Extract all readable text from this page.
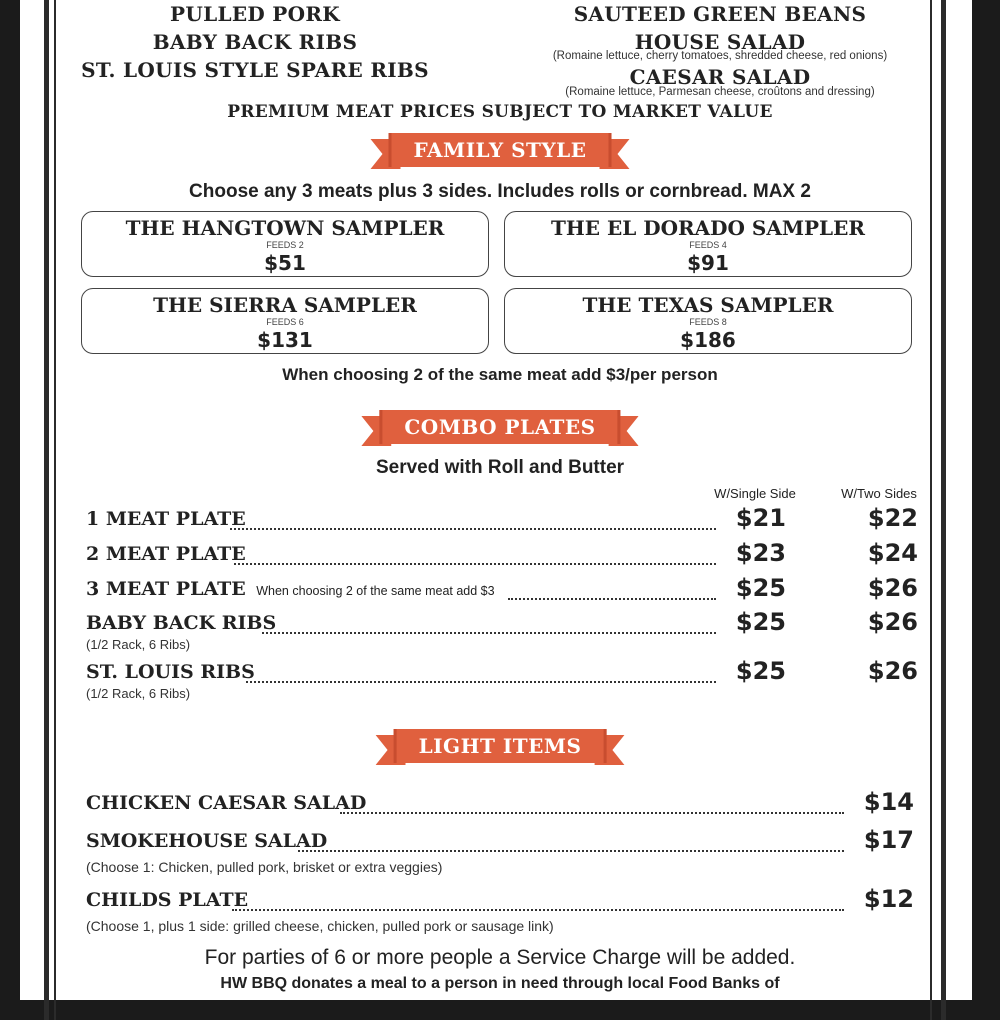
PULLED PORK
BABY BACK RIBS
ST. LOUIS STYLE SPARE RIBS
SAUTEED GREEN BEANS
HOUSE SALAD
(Romaine lettuce, cherry tomatoes, shredded cheese, red onions)
CAESAR SALAD
(Romaine lettuce, Parmesan cheese, croûtons and dressing)
PREMIUM MEAT PRICES SUBJECT TO MARKET VALUE
FAMILY STYLE
Choose any 3 meats plus 3 sides. Includes rolls or cornbread. MAX 2
THE HANGTOWN SAMPLER
FEEDS 2
$51
THE EL DORADO SAMPLER
FEEDS 4
$91
THE SIERRA SAMPLER
FEEDS 6
$131
THE TEXAS SAMPLER
FEEDS 8
$186
When choosing 2 of the same meat add $3/per person
COMBO PLATES
Served with Roll and Butter
W/Single Side	W/Two Sides
1 MEAT PLATE	$21	$22
2 MEAT PLATE	$23	$24
3 MEAT PLATE When choosing 2 of the same meat add $3	$25	$26
BABY BACK RIBS	$25	$26
(1/2 Rack, 6 Ribs)
ST. LOUIS RIBS	$25	$26
(1/2 Rack, 6 Ribs)
LIGHT ITEMS
CHICKEN CAESAR SALAD	$14
SMOKEHOUSE SALAD	$17
(Choose 1: Chicken, pulled pork, brisket or extra veggies)
CHILDS PLATE	$12
(Choose 1, plus 1 side: grilled cheese, chicken, pulled pork or sausage link)
For parties of 6 or more people a Service Charge will be added.
HW BBQ donates a meal to a person in need through local Food Banks of
